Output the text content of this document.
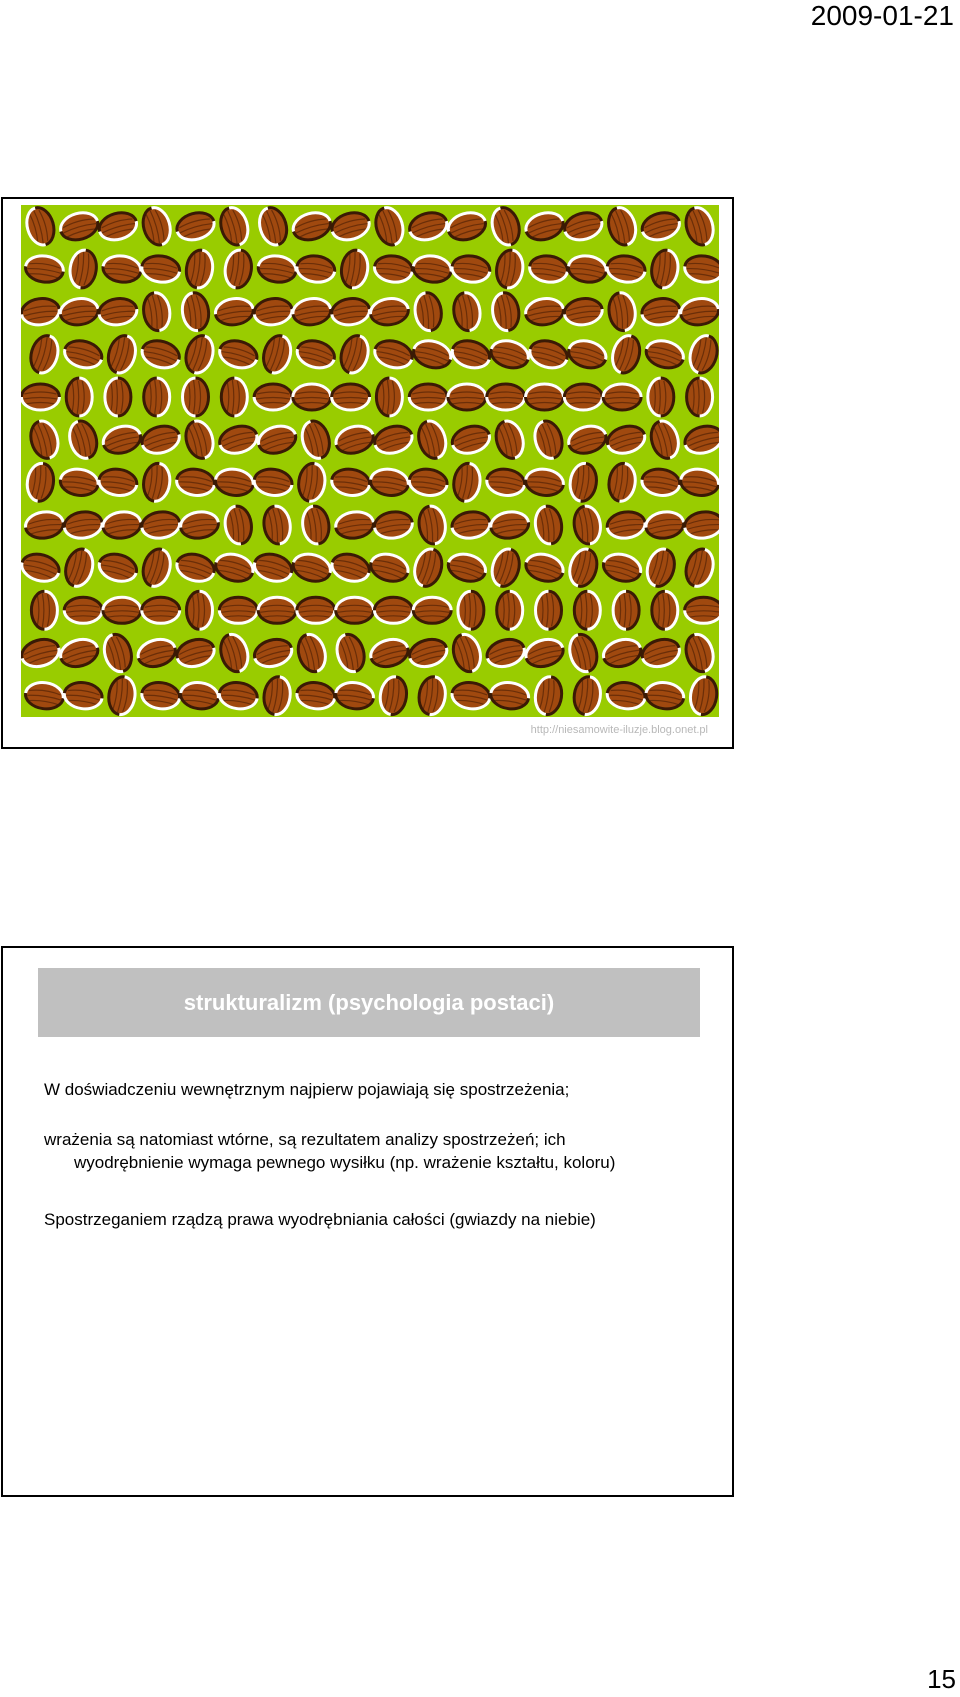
2009-01-21
http://niesamowite-iluzje.blog.onet.pl
strukturalizm (psychologia postaci)
W doświadczeniu wewnętrznym najpierw pojawiają się spostrzeżenia;
wrażenia są natomiast wtórne, są rezultatem analizy spostrzeżeń; ich
wyodrębnienie wymaga pewnego wysiłku (np. wrażenie kształtu, koloru)
Spostrzeganiem rządzą prawa wyodrębniania całości (gwiazdy na niebie)
15
